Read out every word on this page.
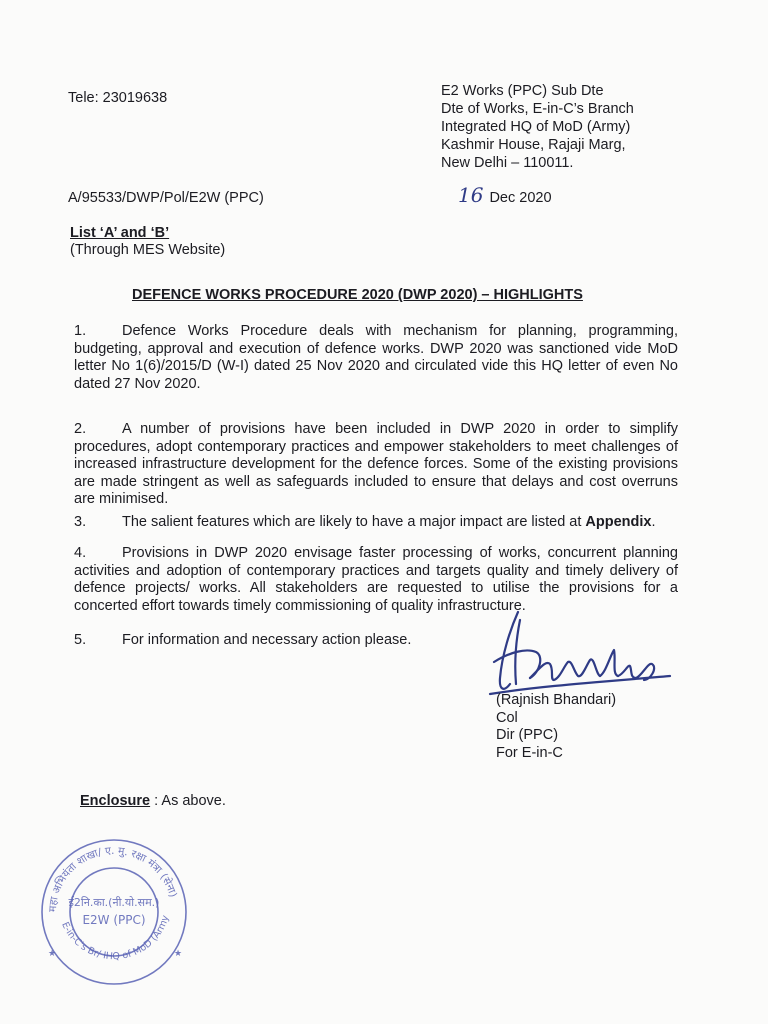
Tele: 23019638	E2 Works (PPC) Sub Dte
Dte of Works, E-in-C’s Branch
Integrated HQ of MoD (Army)
Kashmir House, Rajaji Marg,
New Delhi – 110011.
A/95533/DWP/Pol/E2W (PPC)	16 Dec 2020
List ‘A’ and ‘B’
(Through MES Website)
DEFENCE WORKS PROCEDURE 2020 (DWP 2020) – HIGHLIGHTS
1. Defence Works Procedure deals with mechanism for planning, programming, budgeting, approval and execution of defence works. DWP 2020 was sanctioned vide MoD letter No 1(6)/2015/D (W-I) dated 25 Nov 2020 and circulated vide this HQ letter of even No dated 27 Nov 2020.
2. A number of provisions have been included in DWP 2020 in order to simplify procedures, adopt contemporary practices and empower stakeholders to meet challenges of increased infrastructure development for the defence forces. Some of the existing provisions are made stringent as well as safeguards included to ensure that delays and cost overruns are minimised.
3. The salient features which are likely to have a major impact are listed at Appendix.
4. Provisions in DWP 2020 envisage faster processing of works, concurrent planning activities and adoption of contemporary practices and targets quality and timely delivery of defence projects/ works. All stakeholders are requested to utilise the provisions for a concerted effort towards timely commissioning of quality infrastructure.
5. For information and necessary action please.
(Rajnish Bhandari)
Col
Dir (PPC)
For E-in-C
Enclosure : As above.
महा अभियंता शाखा/ ए. मु. रक्षा मंत्रा (सेना)
E-in-C's Br/ IHQ of MoD (Army
ई2नि.का.(नी.यो.सम.)
E2W (PPC)
★	★
